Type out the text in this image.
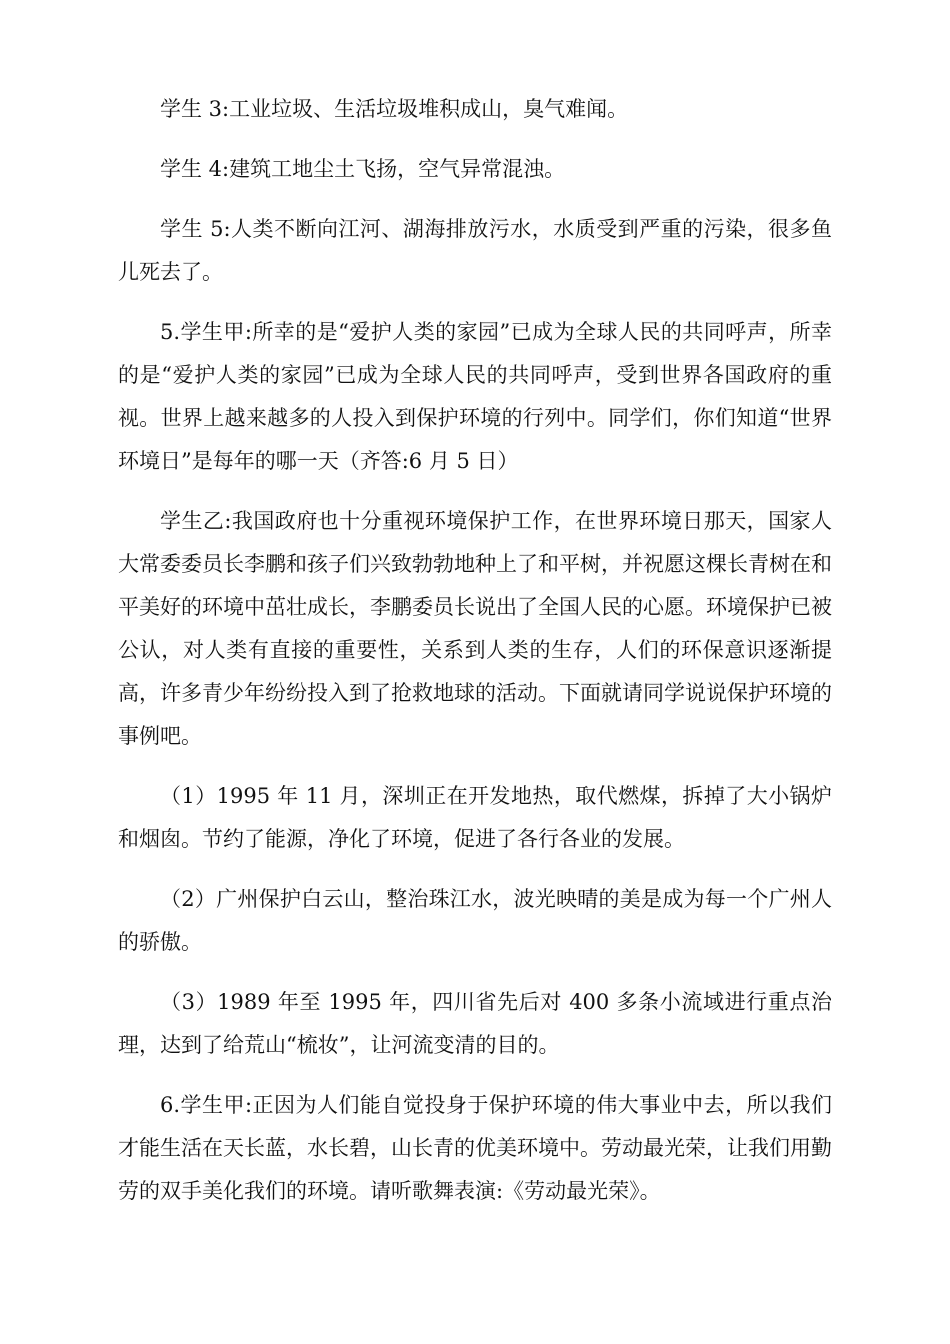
学生 3:工业垃圾、生活垃圾堆积成山，臭气难闻。

学生 4:建筑工地尘土飞扬，空气异常混浊。

学生 5:人类不断向江河、湖海排放污水，水质受到严重的污染，很多鱼儿死去了。

5.学生甲:所幸的是“爱护人类的家园”已成为全球人民的共同呼声，所幸的是“爱护人类的家园”已成为全球人民的共同呼声，受到世界各国政府的重视。世界上越来越多的人投入到保护环境的行列中。同学们，你们知道“世界环境日”是每年的哪一天（齐答:6 月 5 日）

学生乙:我国政府也十分重视环境保护工作，在世界环境日那天，国家人大常委委员长李鹏和孩子们兴致勃勃地种上了和平树，并祝愿这棵长青树在和平美好的环境中茁壮成长，李鹏委员长说出了全国人民的心愿。环境保护已被公认，对人类有直接的重要性，关系到人类的生存，人们的环保意识逐渐提高，许多青少年纷纷投入到了抢救地球的活动。下面就请同学说说保护环境的事例吧。

（1）1995 年 11 月，深圳正在开发地热，取代燃煤，拆掉了大小锅炉和烟囱。节约了能源，净化了环境，促进了各行各业的发展。

（2）广州保护白云山，整治珠江水，波光映晴的美是成为每一个广州人的骄傲。

（3）1989 年至 1995 年，四川省先后对 400 多条小流域进行重点治理，达到了给荒山“梳妆”，让河流变清的目的。

6.学生甲:正因为人们能自觉投身于保护环境的伟大事业中去，所以我们才能生活在天长蓝，水长碧，山长青的优美环境中。劳动最光荣，让我们用勤劳的双手美化我们的环境。请听歌舞表演:《劳动最光荣》。
